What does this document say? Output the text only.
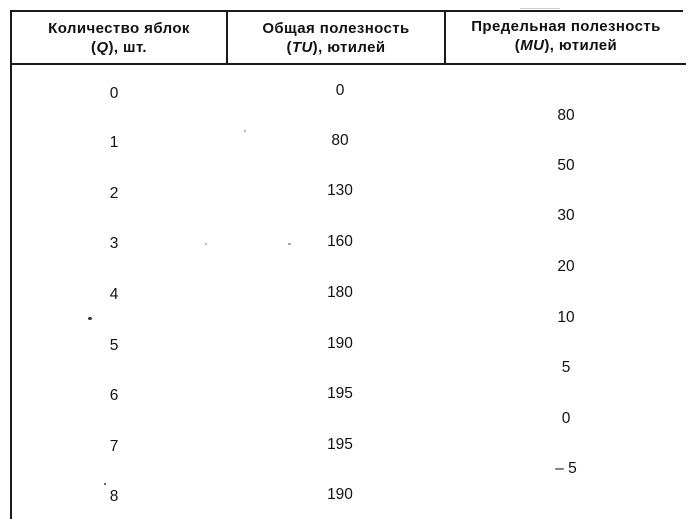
Количество яблок
(Q), шт.
Общая полезность
(TU), ютилей
Предельная полезность
(MU), ютилей
0
1
2
3
4
5
6
7
8
0
80
130
160
180
190
195
195
190
80
50
30
20
10
5
0
– 5
